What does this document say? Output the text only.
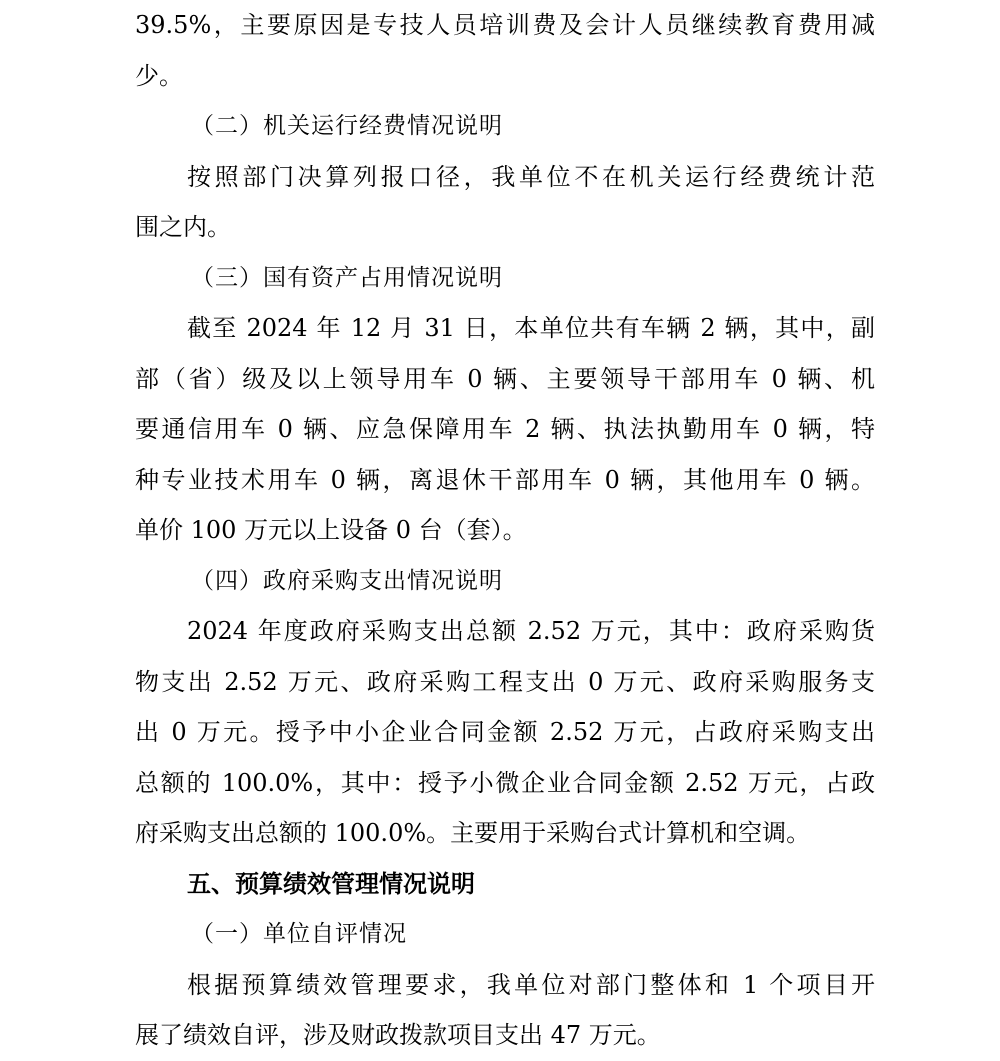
39.5%，主要原因是专技人员培训费及会计人员继续教育费用减
少。
（二）机关运行经费情况说明
按照部门决算列报口径，我单位不在机关运行经费统计范
围之内。
（三）国有资产占用情况说明
截至 2024 年 12 月 31 日，本单位共有车辆 2 辆，其中，副
部（省）级及以上领导用车 0 辆、主要领导干部用车 0 辆、机
要通信用车 0 辆、应急保障用车 2 辆、执法执勤用车 0 辆，特
种专业技术用车 0 辆，离退休干部用车 0 辆，其他用车 0 辆。
单价 100 万元以上设备 0 台（套）。
（四）政府采购支出情况说明
2024 年度政府采购支出总额 2.52 万元，其中：政府采购货
物支出 2.52 万元、政府采购工程支出 0 万元、政府采购服务支
出 0 万元。授予中小企业合同金额 2.52 万元，占政府采购支出
总额的 100.0%，其中：授予小微企业合同金额 2.52 万元，占政
府采购支出总额的 100.0%。主要用于采购台式计算机和空调。
五、预算绩效管理情况说明
（一）单位自评情况
根据预算绩效管理要求，我单位对部门整体和 1 个项目开
展了绩效自评，涉及财政拨款项目支出 47 万元。
